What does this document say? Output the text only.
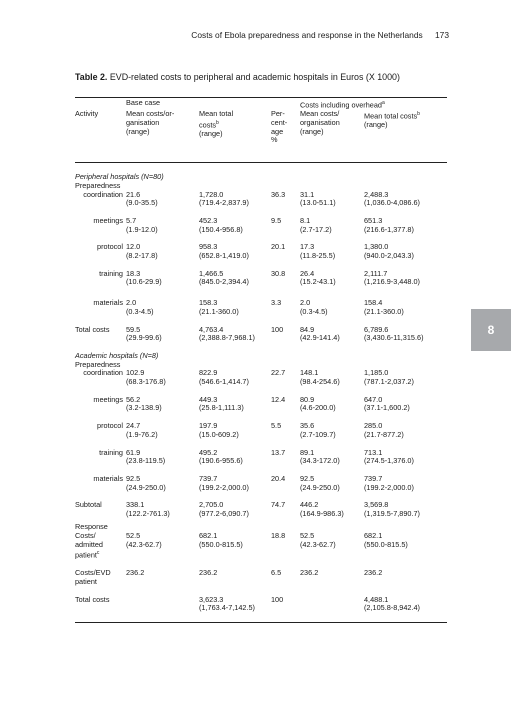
Costs of Ebola preparedness and response in the Netherlands 173
Table 2. EVD-related costs to peripheral and academic hospitals in Euros (X 1000)
8
	Base case			Costs including overhead$^a$
Activity	Mean costs/or-
ganisation
(range)	Mean total
costs$^b$
(range)	Per-
cent-
age
%	Mean costs/
organisation
(range)	Mean total costs$^b$
(range)

Peripheral hospitals (N=80)					
Preparedness					
coordination	21.6
(9.0-35.5)	1,728.0
(719.4-2,837.9)	36.3	31.1
(13.0-51.1)	2,488.3
(1,036.0-4,086.6)

meetings	5.7
(1.9-12.0)	452.3
(150.4-956.8)	9.5	8.1
(2.7-17.2)	651.3
(216.6-1,377.8)

protocol	12.0
(8.2-17.8)	958.3
(652.8-1,419.0)	20.1	17.3
(11.8-25.5)	1,380.0
(940.0-2,043.3)

training	18.3
(10.6-29.9)	1,466.5
(845.0-2,394.4)	30.8	26.4
(15.2-43.1)	2,111.7
(1,216.9-3,448.0)

materials	2.0
(0.3-4.5)	158.3
(21.1-360.0)	3.3	2.0
(0.3-4.5)	158.4
(21.1-360.0)

Total costs	59.5
(29.9-99.6)	4,763.4
(2,388.8-7,968.1)	100	84.9
(42.9-141.4)	6,789.6
(3,430.6-11,315.6)

Academic hospitals (N=8)					
Preparedness					
coordination	102.9
(68.3-176.8)	822.9
(546.6-1,414.7)	22.7	148.1
(98.4-254.6)	1,185.0
(787.1-2,037.2)

meetings	56.2
(3.2-138.9)	449.3
(25.8-1,111.3)	12.4	80.9
(4.6-200.0)	647.0
(37.1-1,600.2)

protocol	24.7
(1.9-76.2)	197.9
(15.0-609.2)	5.5	35.6
(2.7-109.7)	285.0
(21.7-877.2)

training	61.9
(23.8-119.5)	495.2
(190.6-955.6)	13.7	89.1
(34.3-172.0)	713.1
(274.5-1,376.0)

materials	92.5
(24.9-250.0)	739.7
(199.2-2,000.0)	20.4	92.5
(24.9-250.0)	739.7
(199.2-2,000.0)

Subtotal	338.1
(122.2-761.3)	2,705.0
(977.2-6,090.7)	74.7	446.2
(164.9-986.3)	3,569.8
(1,319.5-7,890.7)

Response					

Costs/
admitted
patient$^c$	52.5
(42.3-62.7)	682.1
(550.0-815.5)	18.8	52.5
(42.3-62.7)	682.1
(550.0-815.5)

Costs/EVD
patient	236.2	236.2	6.5	236.2	236.2

Total costs		3,623.3
(1,763.4-7,142.5)	100		4,488.1
(2,105.8-8,942.4)
